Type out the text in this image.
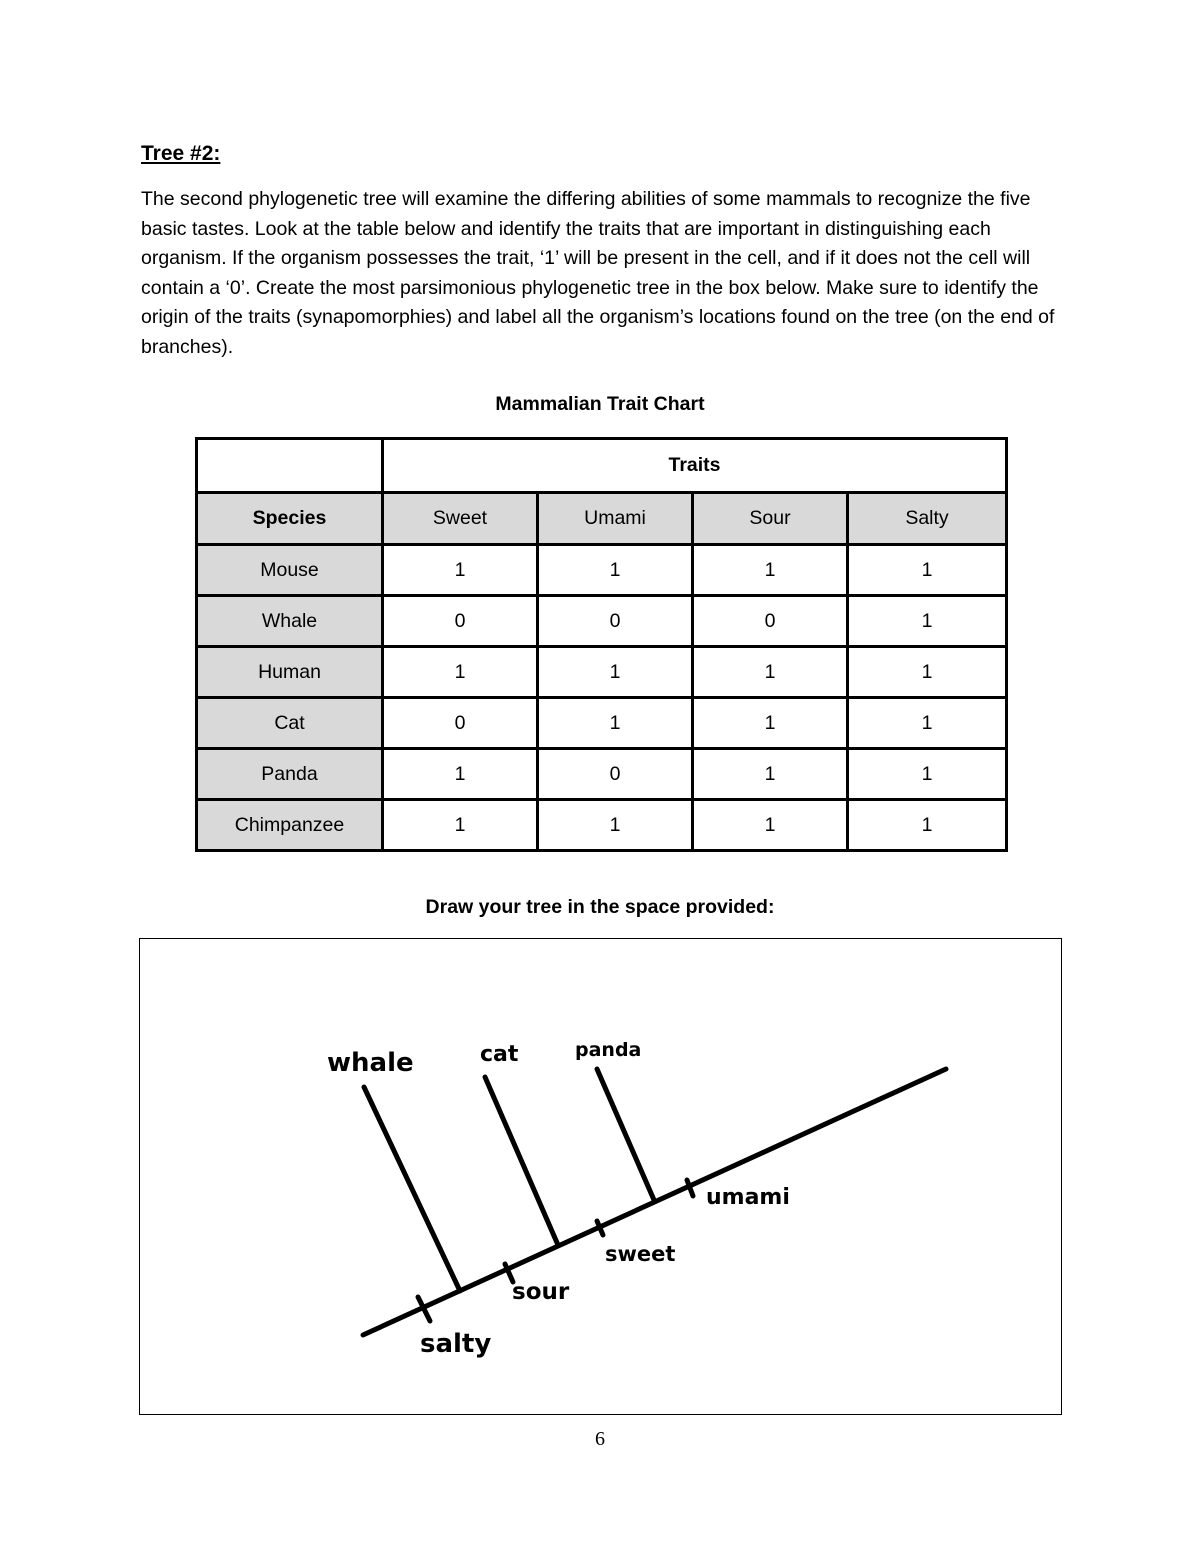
Tree #2:

The second phylogenetic tree will examine the differing abilities of some mammals to recognize the five basic tastes. Look at the table below and identify the traits that are important in distinguishing each organism. If the organism possesses the trait, ‘1’ will be present in the cell, and if it does not the cell will contain a ‘0’. Create the most parsimonious phylogenetic tree in the box below. Make sure to identify the origin of the traits (synapomorphies) and label all the organism’s locations found on the tree (on the end of branches).

Mammalian Trait Chart
	Traits			
Species	Sweet	Umami	Sour	Salty
Mouse	1	1	1	1
Whale	0	0	0	1
Human	1	1	1	1
Cat	0	1	1	1
Panda	1	0	1	1
Chimpanzee	1	1	1	1
Draw your tree in the space provided:
whale	cat	panda
salty
sour
sweet
umami
6
